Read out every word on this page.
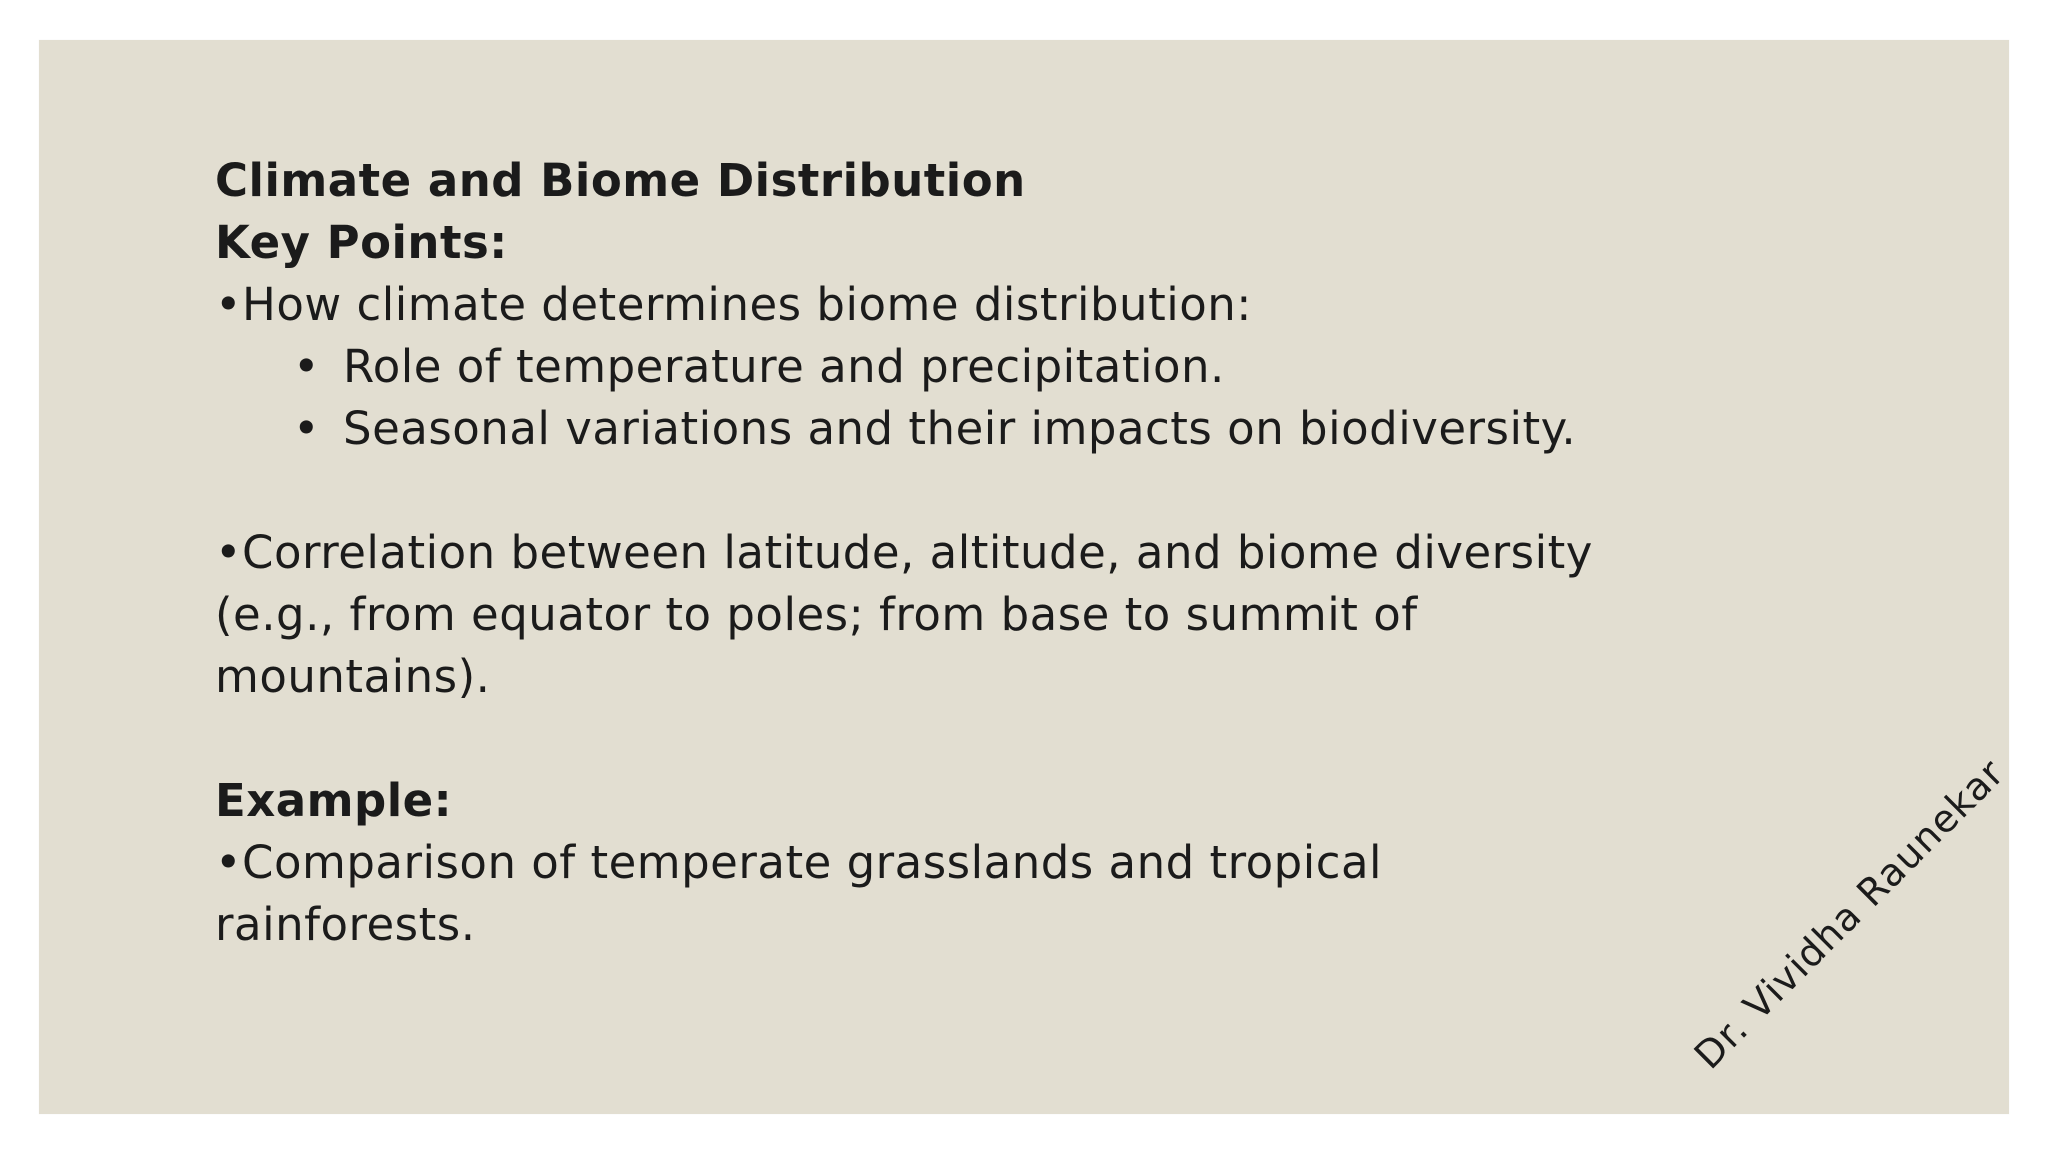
Climate and Biome Distribution
Key Points:
•How climate determines biome distribution:
• Role of temperature and precipitation.
• Seasonal variations and their impacts on biodiversity.
•Correlation between latitude, altitude, and biome diversity
(e.g., from equator to poles; from base to summit of
mountains).
Example:
•Comparison of temperate grasslands and tropical
rainforests.	Dr. Vividha Raunekar
